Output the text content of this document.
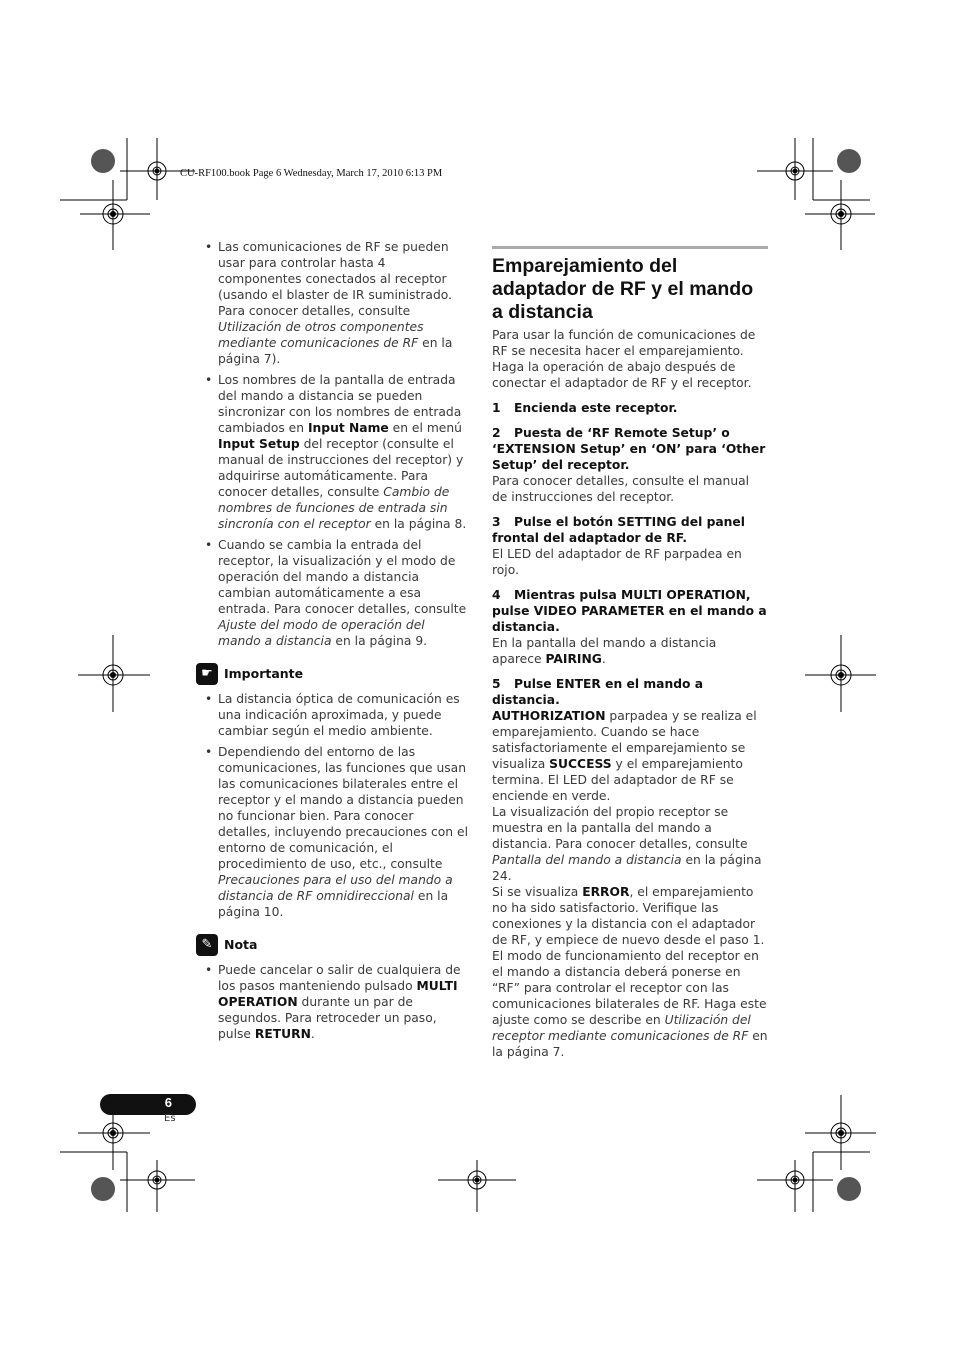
CU-RF100.book Page 6 Wednesday, March 17, 2010 6:13 PM
• Las comunicaciones de RF se pueden usar para controlar hasta 4 componentes conectados al receptor (usando el blaster de IR suministrado. Para conocer detalles, consulte Utilización de otros componentes mediante comunicaciones de RF en la página 7).
• Los nombres de la pantalla de entrada del mando a distancia se pueden sincronizar con los nombres de entrada cambiados en Input Name en el menú Input Setup del receptor (consulte el manual de instrucciones del receptor) y adquirirse automáticamente. Para conocer detalles, consulte Cambio de nombres de funciones de entrada sin sincronía con el receptor en la página 8.
• Cuando se cambia la entrada del receptor, la visualización y el modo de operación del mando a distancia cambian automáticamente a esa entrada. Para conocer detalles, consulte Ajuste del modo de operación del mando a distancia en la página 9.
☛ Importante
• La distancia óptica de comunicación es una indicación aproximada, y puede cambiar según el medio ambiente.
• Dependiendo del entorno de las comunicaciones, las funciones que usan las comunicaciones bilaterales entre el receptor y el mando a distancia pueden no funcionar bien. Para conocer detalles, incluyendo precauciones con el entorno de comunicación, el procedimiento de uso, etc., consulte Precauciones para el uso del mando a distancia de RF omnidireccional en la página 10.
✎ Nota
• Puede cancelar o salir de cualquiera de los pasos manteniendo pulsado MULTI OPERATION durante un par de segundos. Para retroceder un paso, pulse RETURN.
Emparejamiento del adaptador de RF y el mando a distancia

Para usar la función de comunicaciones de RF se necesita hacer el emparejamiento. Haga la operación de abajo después de conectar el adaptador de RF y el receptor.

1 Encienda este receptor.
2 Puesta de ‘RF Remote Setup’ o ‘EXTENSION Setup’ en ‘ON’ para ‘Other Setup’ del receptor.

Para conocer detalles, consulte el manual de instrucciones del receptor.

3 Pulse el botón SETTING del panel frontal del adaptador de RF.

El LED del adaptador de RF parpadea en rojo.

4 Mientras pulsa MULTI OPERATION, pulse VIDEO PARAMETER en el mando a distancia.

En la pantalla del mando a distancia aparece PAIRING.

5 Pulse ENTER en el mando a distancia.

AUTHORIZATION parpadea y se realiza el emparejamiento. Cuando se hace satisfactoriamente el emparejamiento se visualiza SUCCESS y el emparejamiento termina. El LED del adaptador de RF se enciende en verde.

La visualización del propio receptor se muestra en la pantalla del mando a distancia. Para conocer detalles, consulte Pantalla del mando a distancia en la página 24.

Si se visualiza ERROR, el emparejamiento no ha sido satisfactorio. Verifique las conexiones y la distancia con el adaptador de RF, y empiece de nuevo desde el paso 1.

El modo de funcionamiento del receptor en el mando a distancia deberá ponerse en “RF” para controlar el receptor con las comunicaciones bilaterales de RF. Haga este ajuste como se describe en Utilización del receptor mediante comunicaciones de RF en la página 7.

6
Es
